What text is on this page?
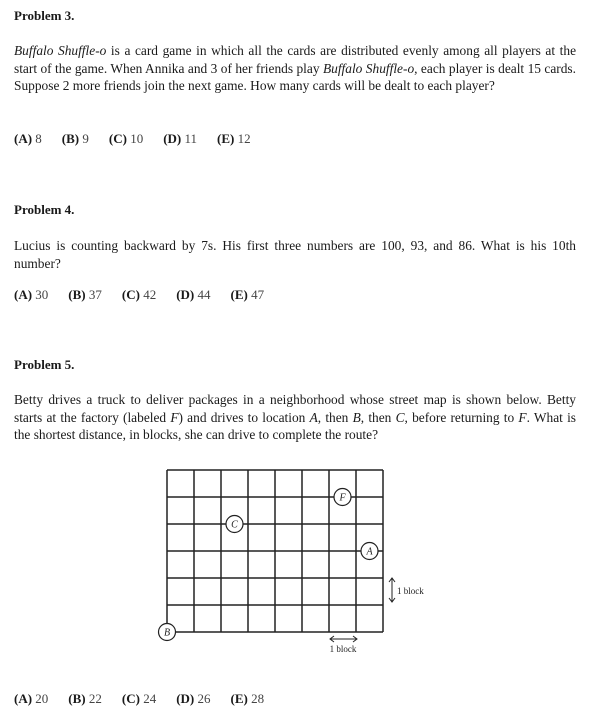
Problem 3.

Buffalo Shuffle-o is a card game in which all the cards are distributed evenly among all players at the start of the game. When Annika and 3 of her friends play Buffalo Shuffle-o, each player is dealt 15 cards. Suppose 2 more friends join the next game. How many cards will be dealt to each player?

(A) 8 (B) 9 (C) 10 (D) 11 (E) 12

Problem 4.

Lucius is counting backward by 7s. His first three numbers are 100, 93, and 86. What is his 10th number?

(A) 30 (B) 37 (C) 42 (D) 44 (E) 47

Problem 5.

Betty drives a truck to deliver packages in a neighborhood whose street map is shown below. Betty starts at the factory (labeled F) and drives to location A, then B, then C, before returning to F. What is the shortest distance, in blocks, she can drive to complete the route?

F
C
A
B
1 block
1 block

(A) 20 (B) 22 (C) 24 (D) 26 (E) 28
